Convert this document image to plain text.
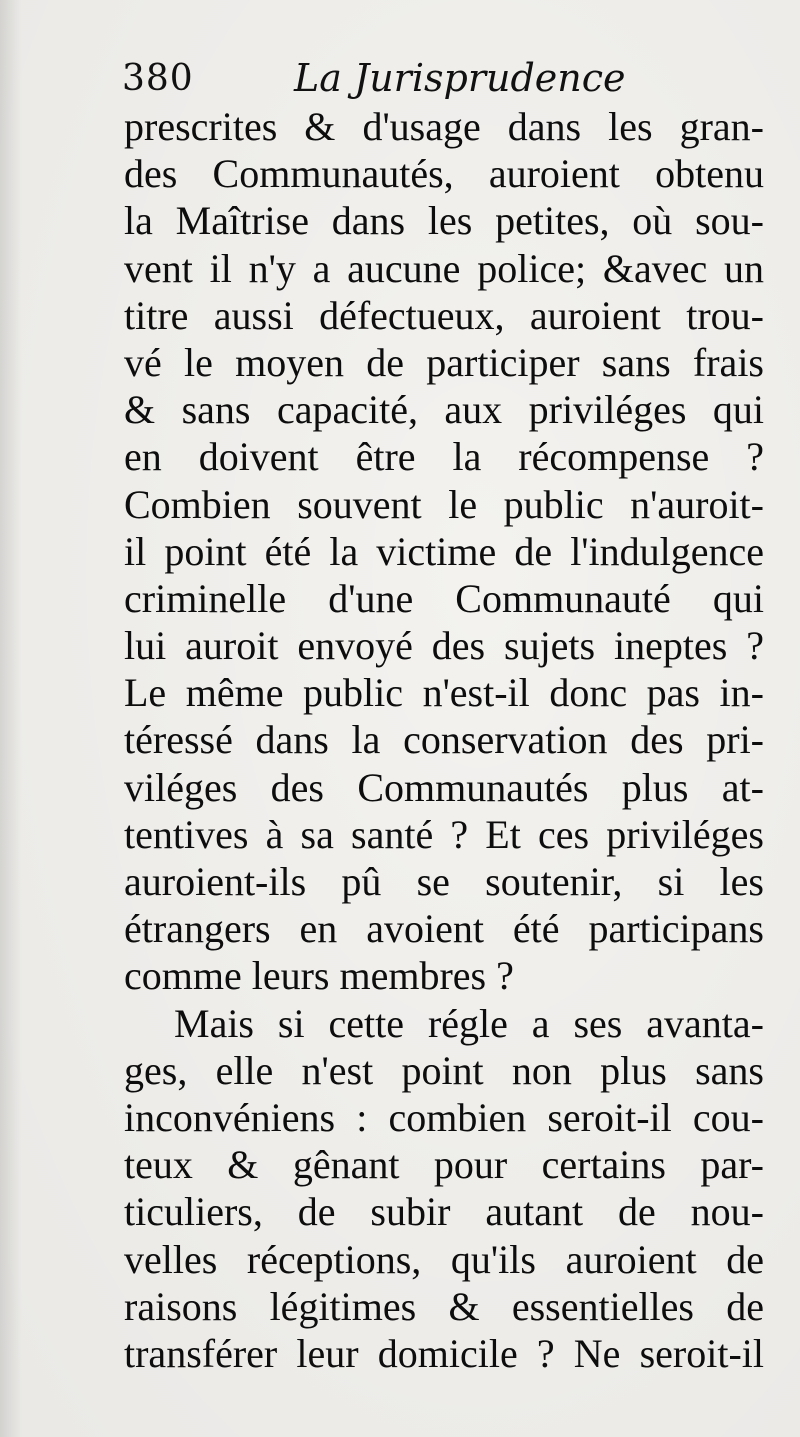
380	La Jurisprudence
prescrites & d'usage dans les gran-
des Communautés, auroient obtenu
la Maîtrise dans les petites, où sou-
vent il n'y a aucune police; &avec un
titre aussi défectueux, auroient trou-
vé le moyen de participer sans frais
& sans capacité, aux priviléges qui
en doivent être la récompense ?
Combien souvent le public n'auroit-
il point été la victime de l'indulgence
criminelle d'une Communauté qui
lui auroit envoyé des sujets ineptes ?
Le même public n'est-il donc pas in-
téressé dans la conservation des pri-
viléges des Communautés plus at-
tentives à sa santé ? Et ces priviléges
auroient-ils pû se soutenir, si les
étrangers en avoient été participans
comme leurs membres ?
Mais si cette régle a ses avanta-
ges, elle n'est point non plus sans
inconvéniens : combien seroit-il cou-
teux & gênant pour certains par-
ticuliers, de subir autant de nou-
velles réceptions, qu'ils auroient de
raisons légitimes & essentielles de
transférer leur domicile ? Ne seroit-il
